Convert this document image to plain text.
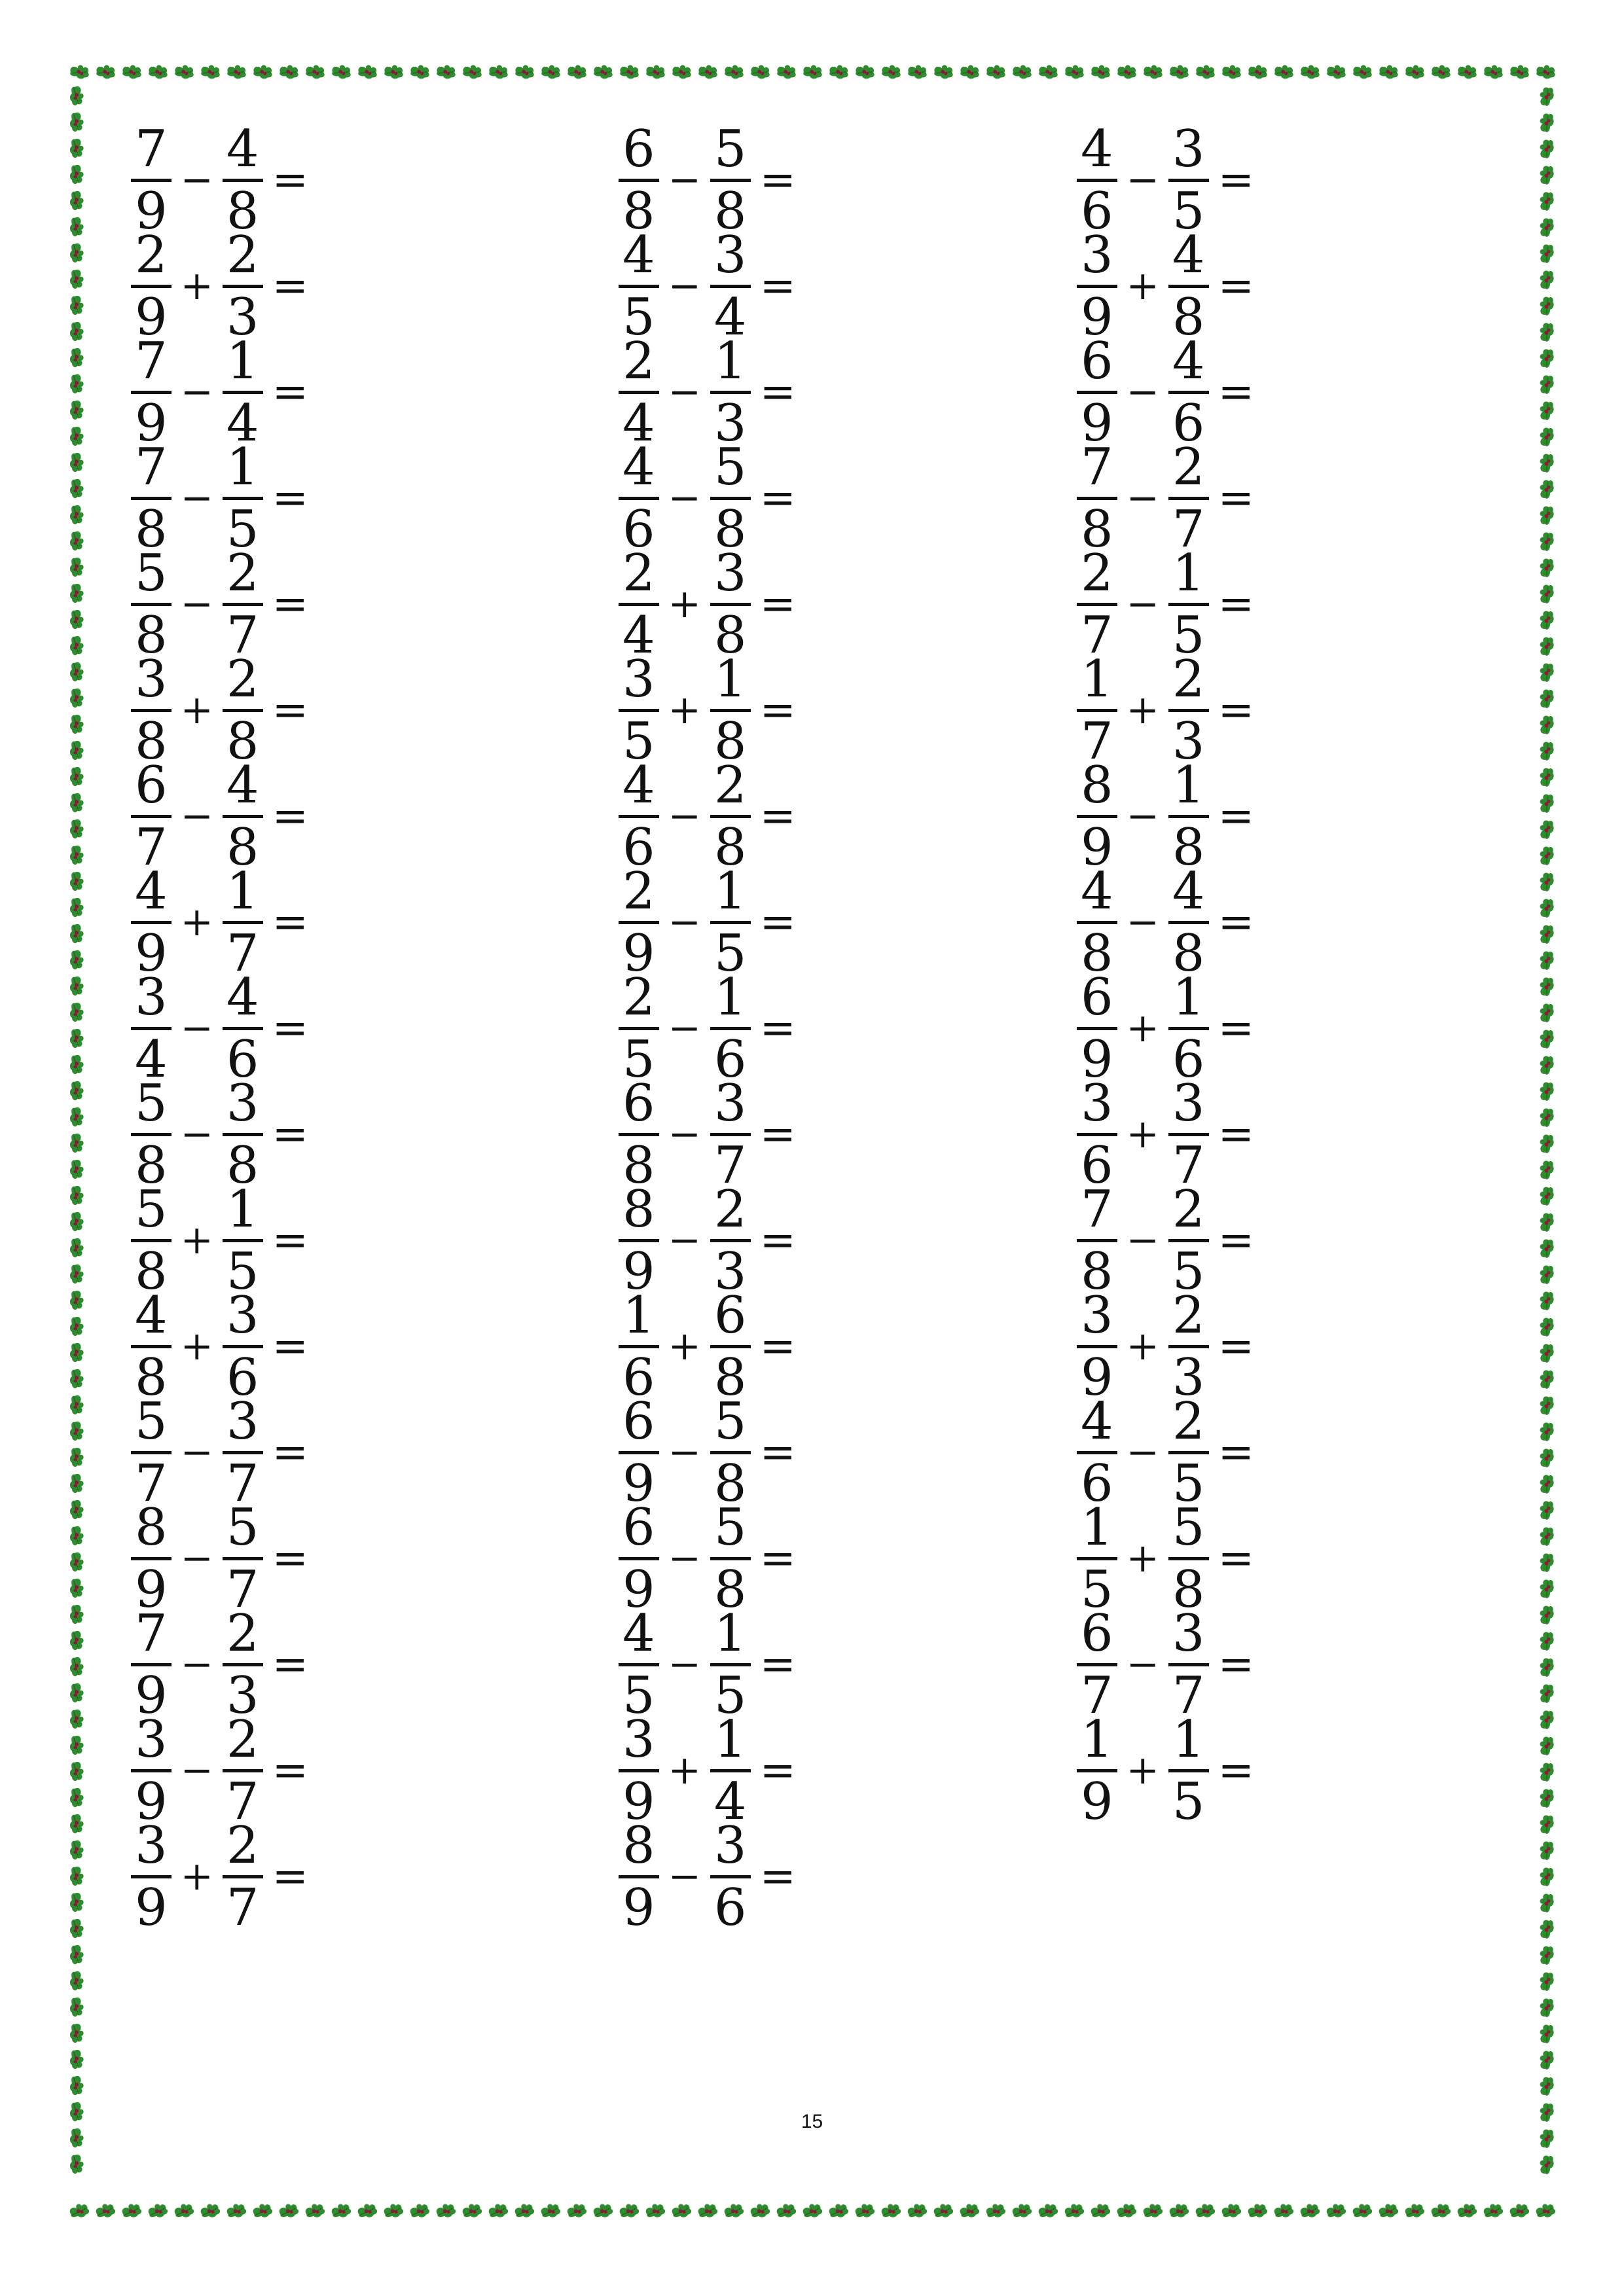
$\frac{7}{9} - \frac{4}{8}$ =
$\frac{2}{9} + \frac{2}{3}$ =
$\frac{7}{9} - \frac{1}{4}$ =
$\frac{7}{8} - \frac{1}{5}$ =
$\frac{5}{8} - \frac{2}{7}$ =
$\frac{3}{8} + \frac{2}{8}$ =
$\frac{6}{7} - \frac{4}{8}$ =
$\frac{4}{9} + \frac{1}{7}$ =
$\frac{3}{4} - \frac{4}{6}$ =
$\frac{5}{8} - \frac{3}{8}$ =
$\frac{5}{8} + \frac{1}{5}$ =
$\frac{4}{8} + \frac{3}{6}$ =
$\frac{5}{7} - \frac{3}{7}$ =
$\frac{8}{9} - \frac{5}{7}$ =
$\frac{7}{9} - \frac{2}{3}$ =
$\frac{3}{9} - \frac{2}{7}$ =
$\frac{3}{9} + \frac{2}{7}$ =
$\frac{6}{8} - \frac{5}{8}$ =
$\frac{4}{5} - \frac{3}{4}$ =
$\frac{2}{4} - \frac{1}{3}$ =
$\frac{4}{6} - \frac{5}{8}$ =
$\frac{2}{4} + \frac{3}{8}$ =
$\frac{3}{5} + \frac{1}{8}$ =
$\frac{4}{6} - \frac{2}{8}$ =
$\frac{2}{9} - \frac{1}{5}$ =
$\frac{2}{5} - \frac{1}{6}$ =
$\frac{6}{8} - \frac{3}{7}$ =
$\frac{8}{9} - \frac{2}{3}$ =
$\frac{1}{6} + \frac{6}{8}$ =
$\frac{6}{9} - \frac{5}{8}$ =
$\frac{6}{9} - \frac{5}{8}$ =
$\frac{4}{5} - \frac{1}{5}$ =
$\frac{3}{9} + \frac{1}{4}$ =
$\frac{8}{9} - \frac{3}{6}$ =
$\frac{4}{6} - \frac{3}{5}$ =
$\frac{3}{9} + \frac{4}{8}$ =
$\frac{6}{9} - \frac{4}{6}$ =
$\frac{7}{8} - \frac{2}{7}$ =
$\frac{2}{7} - \frac{1}{5}$ =
$\frac{1}{7} + \frac{2}{3}$ =
$\frac{8}{9} - \frac{1}{8}$ =
$\frac{4}{8} - \frac{4}{8}$ =
$\frac{6}{9} + \frac{1}{6}$ =
$\frac{3}{6} + \frac{3}{7}$ =
$\frac{7}{8} - \frac{2}{5}$ =
$\frac{3}{9} + \frac{2}{3}$ =
$\frac{4}{6} - \frac{2}{5}$ =
$\frac{1}{5} + \frac{5}{8}$ =
$\frac{6}{7} - \frac{3}{7}$ =
$\frac{1}{9} + \frac{1}{5}$ =
15
